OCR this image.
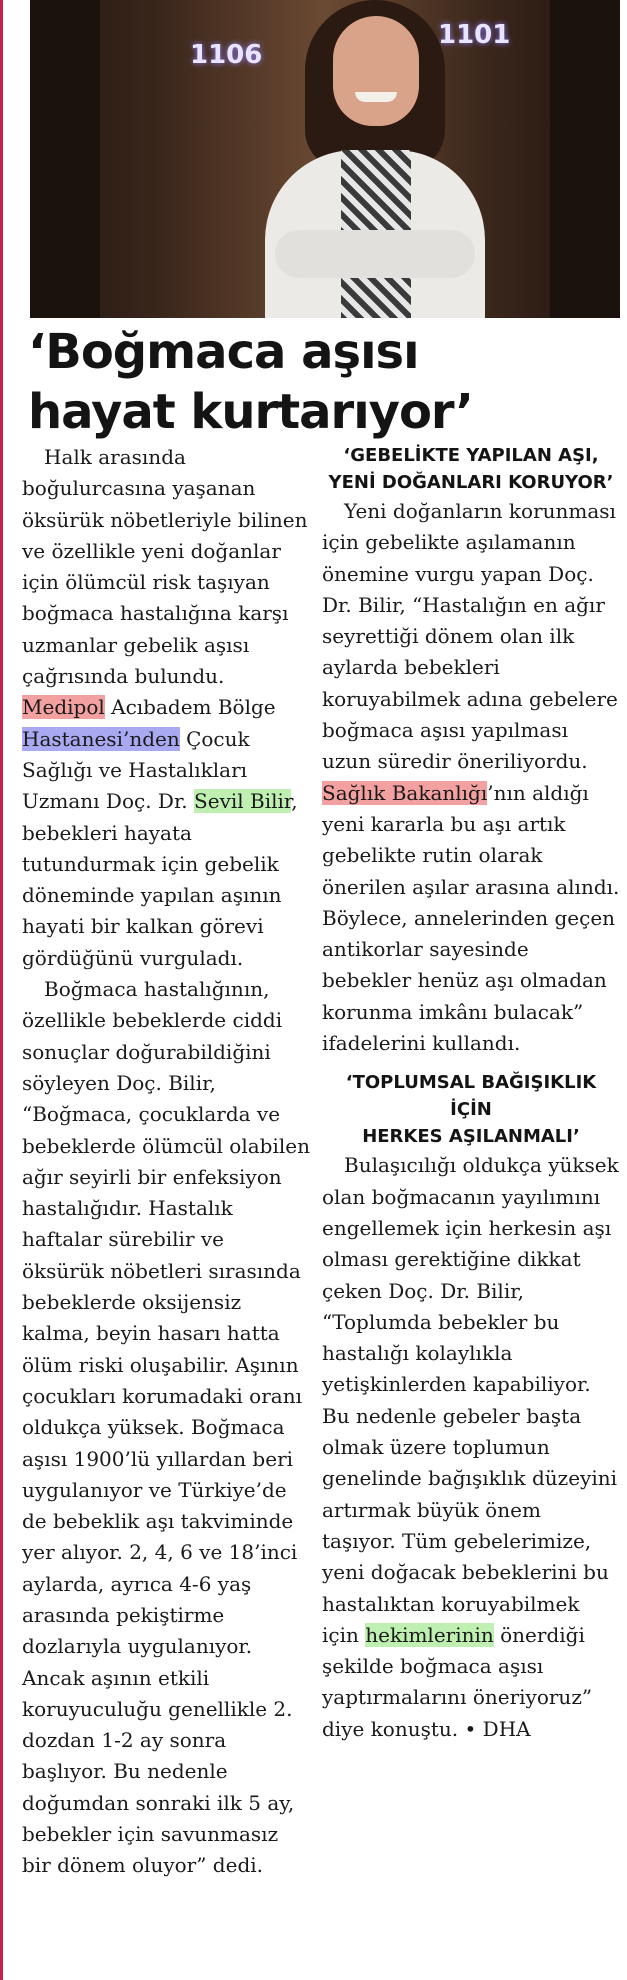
1106
1101
‘Boğmaca aşısı
hayat kurtarıyor’

Halk arasında boğulurcasına yaşanan öksürük nöbetleriyle bilinen ve özellikle yeni doğanlar için ölümcül risk taşıyan boğmaca hastalığına karşı uzmanlar gebelik aşısı çağrısında bulundu. Medipol Acıbadem Bölge Hastanesi’nden Çocuk Sağlığı ve Hastalıkları Uzmanı Doç. Dr. Sevil Bilir, bebekleri hayata tutundurmak için gebelik döneminde yapılan aşının hayati bir kalkan görevi gördüğünü vurguladı.

Boğmaca hastalığının, özellikle bebeklerde ciddi sonuçlar doğurabildiğini söyleyen Doç. Bilir, “Boğmaca, çocuklarda ve bebeklerde ölümcül olabilen ağır seyirli bir enfeksiyon hastalığıdır. Hastalık haftalar sürebilir ve öksürük nöbetleri sırasında bebeklerde oksijensiz kalma, beyin hasarı hatta ölüm riski oluşabilir. Aşının çocukları korumadaki oranı oldukça yüksek. Boğmaca aşısı 1900’lü yıllardan beri uygulanıyor ve Türkiye’de de bebeklik aşı takviminde yer alıyor. 2, 4, 6 ve 18’inci aylarda, ayrıca 4-6 yaş arasında pekiştirme dozlarıyla uygulanıyor. Ancak aşının etkili koruyuculuğu genellikle 2. dozdan 1-2 ay sonra başlıyor. Bu nedenle doğumdan sonraki ilk 5 ay, bebekler için savunmasız bir dönem oluyor” dedi.

‘GEBELİKTE YAPILAN AŞI,
YENİ DOĞANLARI KORUYOR’

Yeni doğanların korunması için gebelikte aşılamanın önemine vurgu yapan Doç. Dr. Bilir, “Hastalığın en ağır seyrettiği dönem olan ilk aylarda bebekleri koruyabilmek adına gebelere boğmaca aşısı yapılması uzun süredir öneriliyordu. Sağlık Bakanlığı’nın aldığı yeni kararla bu aşı artık gebelikte rutin olarak önerilen aşılar arasına alındı. Böylece, annelerinden geçen antikorlar sayesinde bebekler henüz aşı olmadan korunma imkânı bulacak” ifadelerini kullandı.

‘TOPLUMSAL BAĞIŞIKLIK İÇİN
HERKES AŞILANMALI’

Bulaşıcılığı oldukça yüksek olan boğmacanın yayılımını engellemek için herkesin aşı olması gerektiğine dikkat çeken Doç. Dr. Bilir, “Toplumda bebekler bu hastalığı kolaylıkla yetişkinlerden kapabiliyor. Bu nedenle gebeler başta olmak üzere toplumun genelinde bağışıklık düzeyini artırmak büyük önem taşıyor. Tüm gebelerimize, yeni doğacak bebeklerini bu hastalıktan koruyabilmek için hekimlerinin önerdiği şekilde boğmaca aşısı yaptırmalarını öneriyoruz” diye konuştu. • DHA
